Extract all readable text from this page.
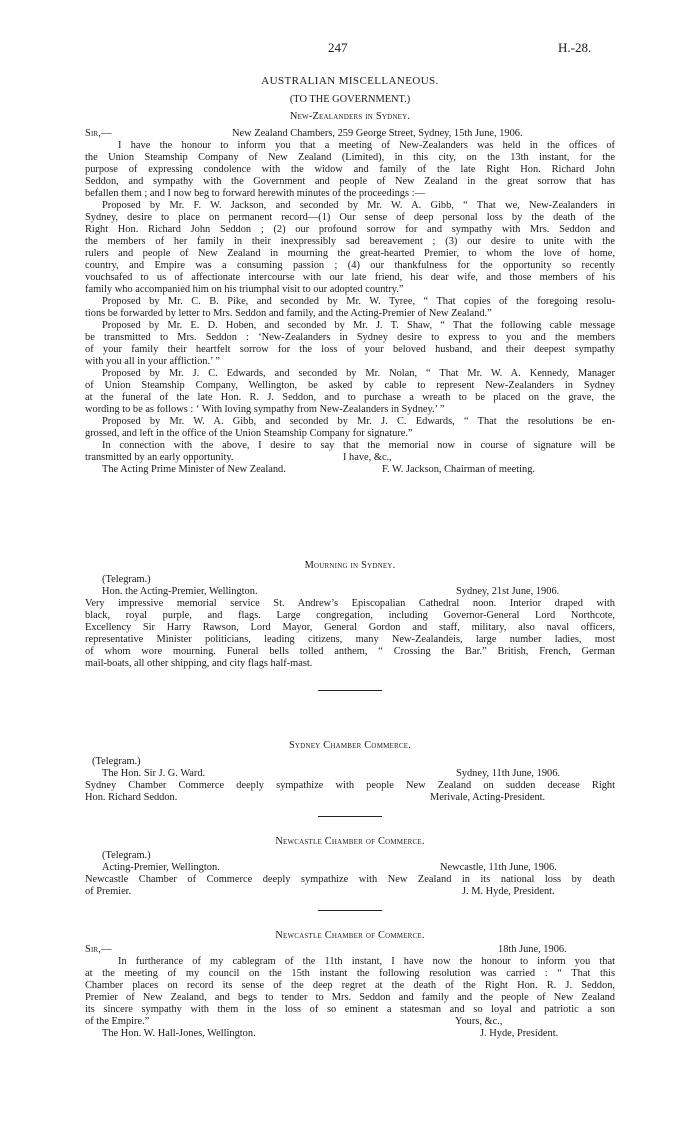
247	H.-28.
AUSTRALIAN MISCELLANEOUS.
(TO THE GOVERNMENT.)
New-Zealanders in Sydney.
Sir,—	New Zealand Chambers, 259 George Street, Sydney, 15th June, 1906.
I have the honour to inform you that a meeting of New-Zealanders was held in the offices of
the Union Steamship Company of New Zealand (Limited), in this city, on the 13th instant, for the
purpose of expressing condolence with the widow and family of the late Right Hon. Richard John
Seddon, and sympathy with the Government and people of New Zealand in the great sorrow that has
befallen them ; and I now beg to forward herewith minutes of the proceedings :—
Proposed by Mr. F. W. Jackson, and seconded by Mr. W. A. Gibb, “ That we, New-Zealanders in
Sydney, desire to place on permanent record—(1) Our sense of deep personal loss by the death of the
Right Hon. Richard John Seddon ; (2) our profound sorrow for and sympathy with Mrs. Seddon and
the members of her family in their inexpressibly sad bereavement ; (3) our desire to unite with the
rulers and people of New Zealand in mourning the great-hearted Premier, to whom the love of home,
country, and Empire was a consuming passion ; (4) our thankfulness for the opportunity so recently
vouchsafed to us of affectionate intercourse with our late friend, his dear wife, and those members of his
family who accompanied him on his triumphal visit to our adopted country.”
Proposed by Mr. C. B. Pike, and seconded by Mr. W. Tyree, “ That copies of the foregoing resolu-
tions be forwarded by letter to Mrs. Seddon and family, and the Acting-Premier of New Zealand.”
Proposed by Mr. E. D. Hoben, and seconded by Mr. J. T. Shaw, “ That the following cable message
be transmitted to Mrs. Seddon : ‘New-Zealanders in Sydney desire to express to you and the members
of your family their heartfelt sorrow for the loss of your beloved husband, and their deepest sympathy
with you all in your affliction.’ ”
Proposed by Mr. J. C. Edwards, and seconded by Mr. Nolan, “ That Mr. W. A. Kennedy, Manager
of Union Steamship Company, Wellington, be asked by cable to represent New-Zealanders in Sydney
at the funeral of the late Hon. R. J. Seddon, and to purchase a wreath to be placed on the grave, the
wording to be as follows : ‘ With loving sympathy from New-Zealanders in Sydney.’ ”
Proposed by Mr. W. A. Gibb, and seconded by Mr. J. C. Edwards, “ That the resolutions be en-
grossed, and left in the office of the Union Steamship Company for signature.”
In connection with the above, I desire to say that the memorial now in course of signature will be
transmitted by an early opportunity.	I have, &c.,
The Acting Prime Minister of New Zealand.	F. W. Jackson, Chairman of meeting.
Mourning in Sydney.
(Telegram.)
Hon. the Acting-Premier, Wellington.	Sydney, 21st June, 1906.
Very impressive memorial service St. Andrew’s Episcopalian Cathedral noon. Interior draped with
black, royal purple, and flags. Large congregation, including Governor-General Lord Northcote,
Excellency Sir Harry Rawson, Lord Mayor, General Gordon and staff, military, also naval officers,
representative Minister politicians, leading citizens, many New-Zealandeis, large number ladies, most
of whom wore mourning. Funeral bells tolled anthem, “ Crossing the Bar.” British, French, German
mail-boats, all other shipping, and city flags half-mast.
Sydney Chamber Commerce.
(Telegram.)
The Hon. Sir J. G. Ward.	Sydney, 11th June, 1906.
Sydney Chamber Commerce deeply sympathize with people New Zealand on sudden decease Right
Hon. Richard Seddon.	Merivale, Acting-President.
Newcastle Chamber of Commerce.
(Telegram.)
Acting-Premier, Wellington.	Newcastle, 11th June, 1906.
Newcastle Chamber of Commerce deeply sympathize with New Zealand in its national loss by death
of Premier.	J. M. Hyde, President.
Newcastle Chamber of Commerce.
Sir,—	18th June, 1906.
In furtherance of my cablegram of the 11th instant, I have now the honour to inform you that
at the meeting of my council on the 15th instant the following resolution was carried : “ That this
Chamber places on record its sense of the deep regret at the death of the Right Hon. R. J. Seddon,
Premier of New Zealand, and begs to tender to Mrs. Seddon and family and the people of New Zealand
its sincere sympathy with them in the loss of so eminent a statesman and so loyal and patriotic a son
of the Empire.”	Yours, &c.,
The Hon. W. Hall-Jones, Wellington.	J. Hyde, President.
